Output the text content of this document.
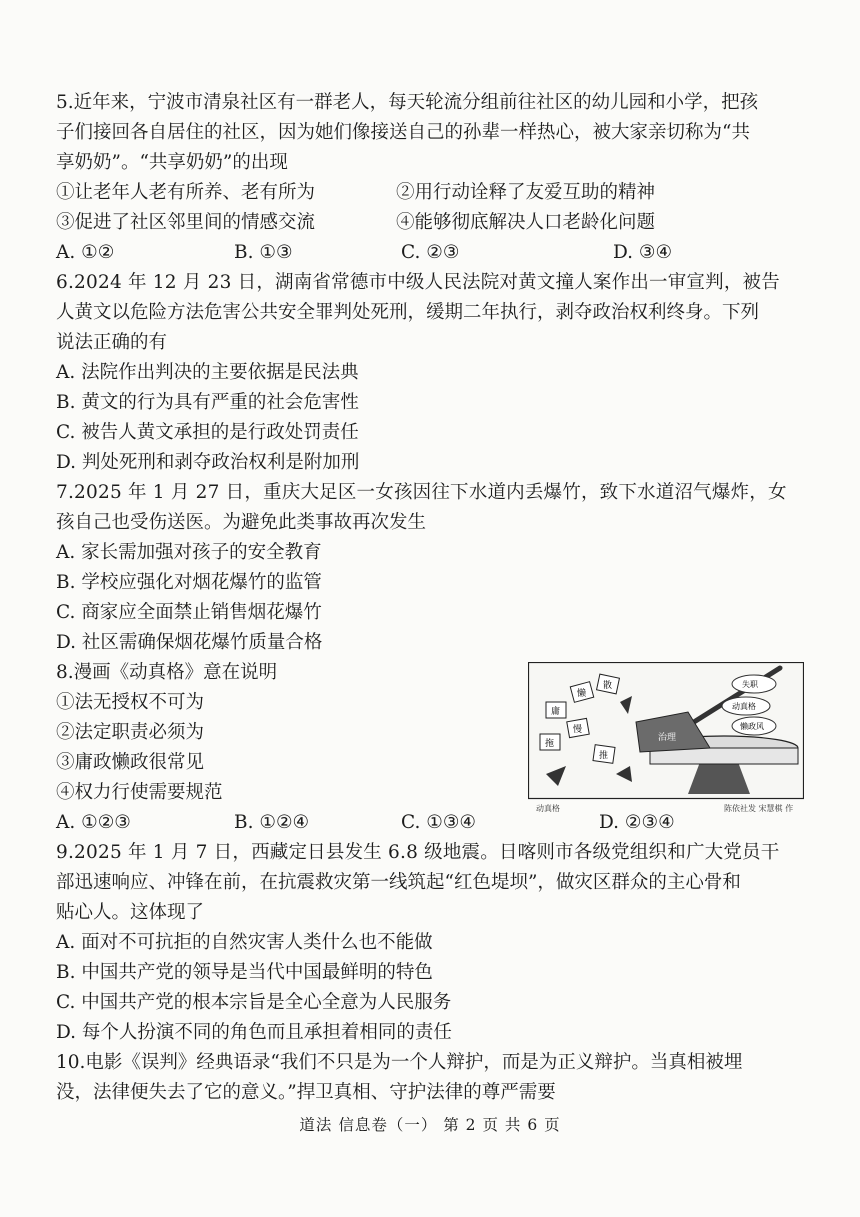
5.近年来，宁波市清泉社区有一群老人，每天轮流分组前往社区的幼儿园和小学，把孩
子们接回各自居住的社区，因为她们像接送自己的孙辈一样热心，被大家亲切称为“共
享奶奶”。“共享奶奶”的出现
①让老年人老有所养、老有所为	②用行动诠释了友爱互助的精神
③促进了社区邻里间的情感交流	④能够彻底解决人口老龄化问题
A. ①②	B. ①③	C. ②③	D. ③④
6.2024 年 12 月 23 日，湖南省常德市中级人民法院对黄文撞人案作出一审宣判，被告
人黄文以危险方法危害公共安全罪判处死刑，缓期二年执行，剥夺政治权利终身。下列
说法正确的有
A. 法院作出判决的主要依据是民法典
B. 黄文的行为具有严重的社会危害性
C. 被告人黄文承担的是行政处罚责任
D. 判处死刑和剥夺政治权利是附加刑
7.2025 年 1 月 27 日，重庆大足区一女孩因往下水道内丢爆竹，致下水道沼气爆炸，女
孩自己也受伤送医。为避免此类事故再次发生
A. 家长需加强对孩子的安全教育
B. 学校应强化对烟花爆竹的监管
C. 商家应全面禁止销售烟花爆竹
D. 社区需确保烟花爆竹质量合格
8.漫画《动真格》意在说明
①法无授权不可为
②法定职责必须为
③庸政懒政很常见
④权力行使需要规范
A. ①②③	B. ①②④	C. ①③④	D. ②③④
治理
失职
动真格
懒政风
庸
懒
散
拖
慢
推
动真格	陈依社发 宋慧棋 作
9.2025 年 1 月 7 日，西藏定日县发生 6.8 级地震。日喀则市各级党组织和广大党员干
部迅速响应、冲锋在前，在抗震救灾第一线筑起“红色堤坝”，做灾区群众的主心骨和
贴心人。这体现了
A. 面对不可抗拒的自然灾害人类什么也不能做
B. 中国共产党的领导是当代中国最鲜明的特色
C. 中国共产党的根本宗旨是全心全意为人民服务
D. 每个人扮演不同的角色而且承担着相同的责任
10.电影《误判》经典语录“我们不只是为一个人辩护，而是为正义辩护。当真相被埋
没，法律便失去了它的意义。”捍卫真相、守护法律的尊严需要
道法 信息卷（一） 第 2 页 共 6 页
